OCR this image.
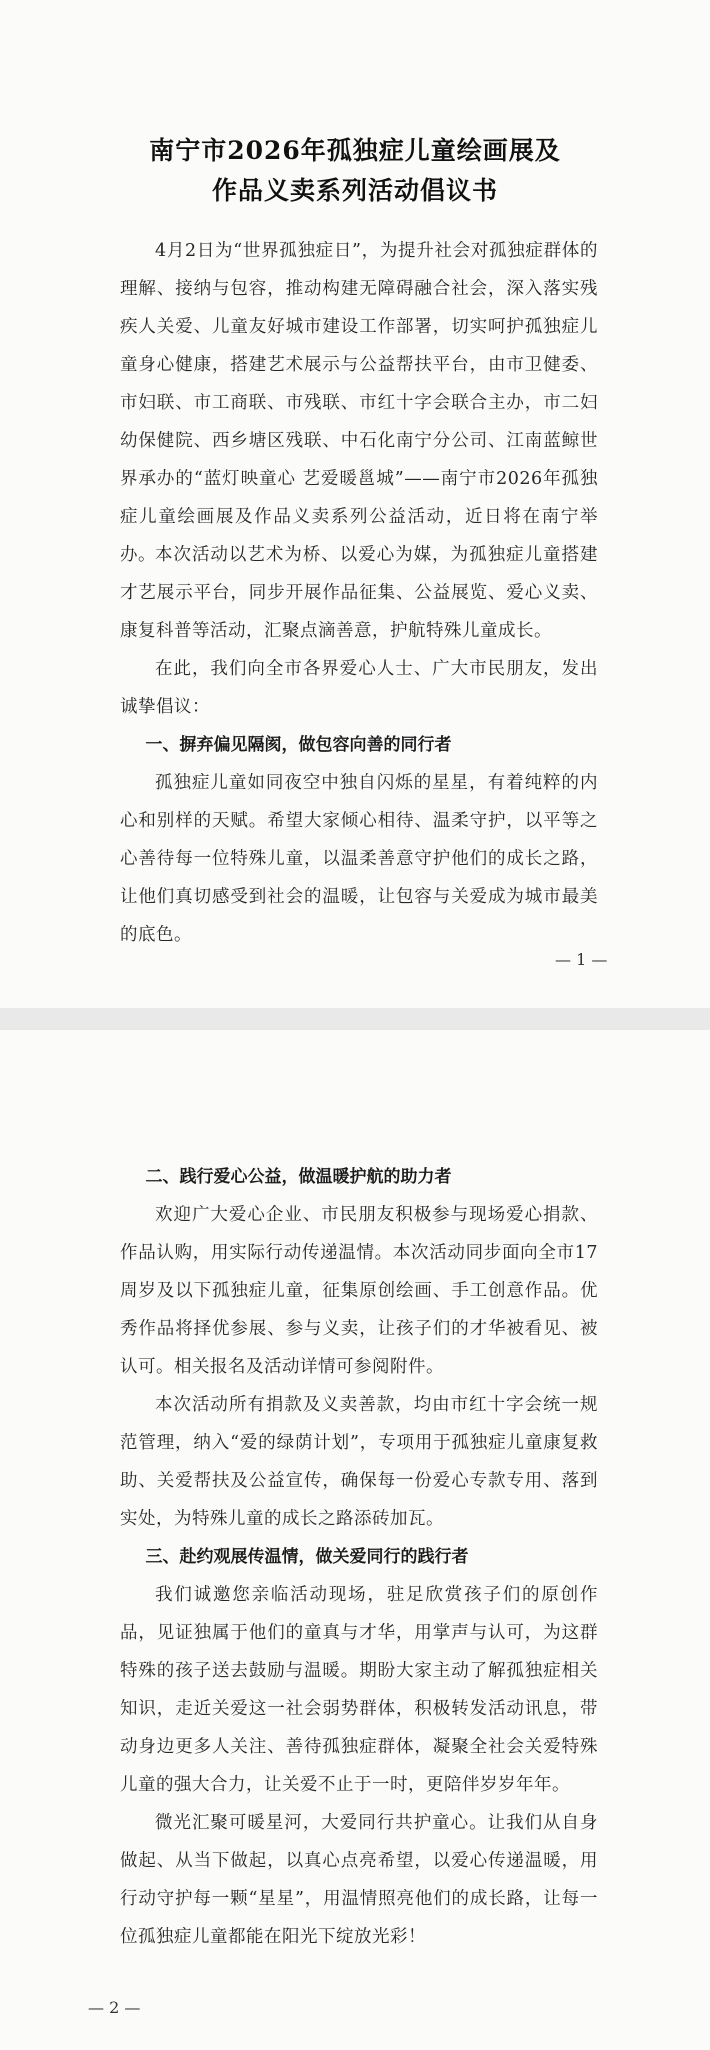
南宁市2026年孤独症儿童绘画展及
作品义卖系列活动倡议书

4月2日为“世界孤独症日”，为提升社会对孤独症群体的理解、接纳与包容，推动构建无障碍融合社会，深入落实残疾人关爱、儿童友好城市建设工作部署，切实呵护孤独症儿童身心健康，搭建艺术展示与公益帮扶平台，由市卫健委、市妇联、市工商联、市残联、市红十字会联合主办，市二妇幼保健院、西乡塘区残联、中石化南宁分公司、江南蓝鲸世界承办的“蓝灯映童心 艺爱暖邕城”——南宁市2026年孤独症儿童绘画展及作品义卖系列公益活动，近日将在南宁举办。 本次活动以艺术为桥、以爱心为媒，为孤独症儿童搭建才艺展示平台，同步开展作品征集、公益展览、爱心义卖、康复科普等活动，汇聚点滴善意，护航特殊儿童成长。

在此，我们向全市各界爱心人士、广大市民朋友，发出诚挚倡议：

一、摒弃偏见隔阂，做包容向善的同行者

孤独症儿童如同夜空中独自闪烁的星星，有着纯粹的内心和别样的天赋。希望大家倾心相待、温柔守护，以平等之心善待每一位特殊儿童，以温柔善意守护他们的成长之路，让他们真切感受到社会的温暖，让包容与关爱成为城市最美的底色。

— 1 —

二、践行爱心公益，做温暖护航的助力者

欢迎广大爱心企业、市民朋友积极参与现场爱心捐款、作品认购，用实际行动传递温情。本次活动同步面向全市17周岁及以下孤独症儿童，征集原创绘画、手工创意作品。优秀作品将择优参展、参与义卖，让孩子们的才华被看见、被认可。相关报名及活动详情可参阅附件。

本次活动所有捐款及义卖善款，均由市红十字会统一规范管理，纳入“爱的绿荫计划”，专项用于孤独症儿童康复救助、关爱帮扶及公益宣传，确保每一份爱心专款专用、落到实处，为特殊儿童的成长之路添砖加瓦。

三、赴约观展传温情，做关爱同行的践行者

我们诚邀您亲临活动现场，驻足欣赏孩子们的原创作品，见证独属于他们的童真与才华，用掌声与认可，为这群特殊的孩子送去鼓励与温暖。期盼大家主动了解孤独症相关知识，走近关爱这一社会弱势群体，积极转发活动讯息，带动身边更多人关注、善待孤独症群体，凝聚全社会关爱特殊儿童的强大合力，让关爱不止于一时，更陪伴岁岁年年。

微光汇聚可暖星河，大爱同行共护童心。让我们从自身做起、从当下做起，以真心点亮希望，以爱心传递温暖，用行动守护每一颗“星星”，用温情照亮他们的成长路，让每一位孤独症儿童都能在阳光下绽放光彩！

— 2 —
